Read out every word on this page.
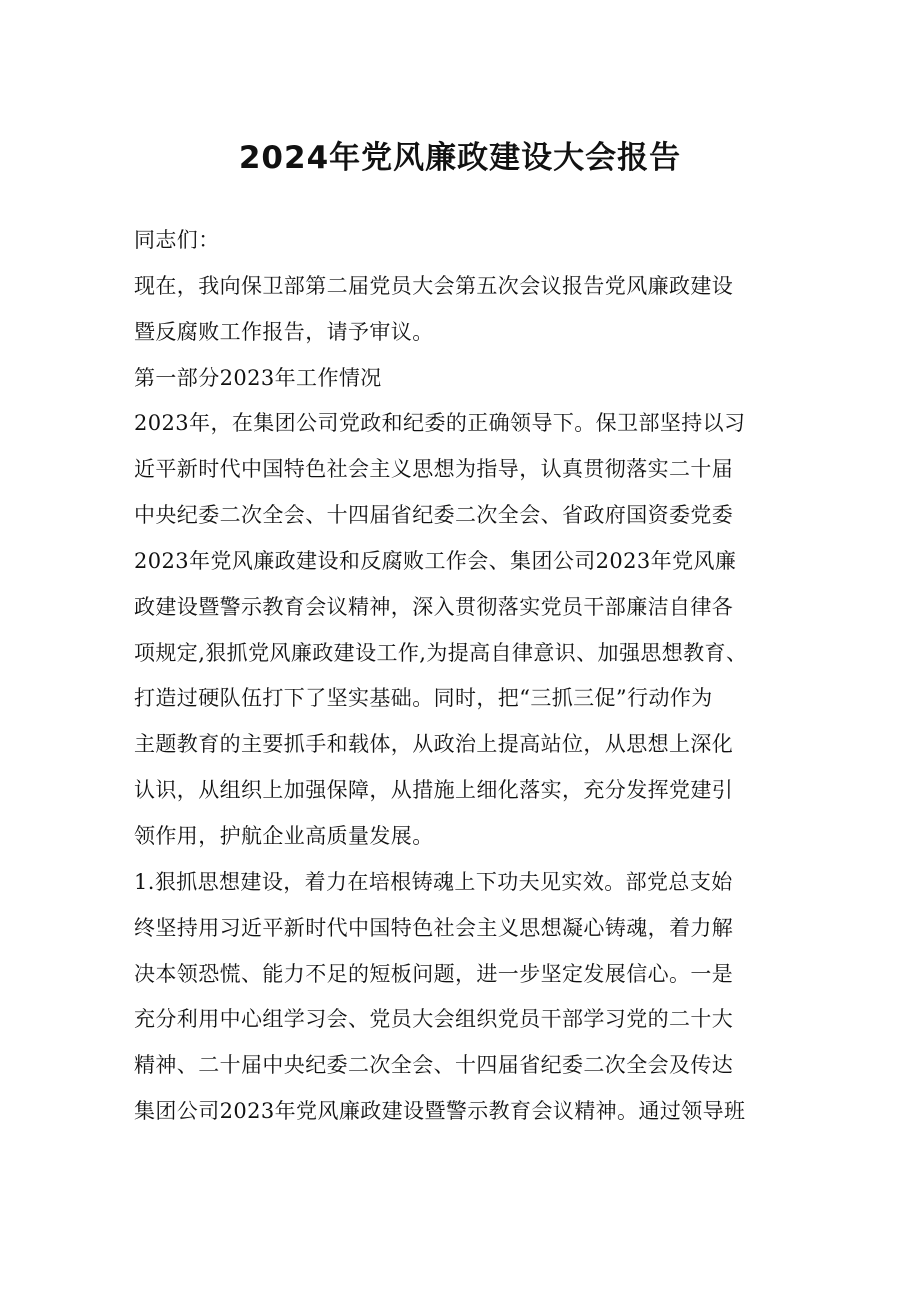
2024年党风廉政建设大会报告
同志们：
现在，我向保卫部第二届党员大会第五次会议报告党风廉政建设
暨反腐败工作报告，请予审议。
第一部分2023年工作情况
2023年，在集团公司党政和纪委的正确领导下。保卫部坚持以习
近平新时代中国特色社会主义思想为指导，认真贯彻落实二十届
中央纪委二次全会、十四届省纪委二次全会、省政府国资委党委
2023年党风廉政建设和反腐败工作会、集团公司2023年党风廉
政建设暨警示教育会议精神，深入贯彻落实党员干部廉洁自律各
项规定,狠抓党风廉政建设工作,为提高自律意识、加强思想教育、
打造过硬队伍打下了坚实基础。同时，把“三抓三促”行动作为
主题教育的主要抓手和载体，从政治上提高站位，从思想上深化
认识，从组织上加强保障，从措施上细化落实，充分发挥党建引
领作用，护航企业高质量发展。
1.狠抓思想建设，着力在培根铸魂上下功夫见实效。部党总支始
终坚持用习近平新时代中国特色社会主义思想凝心铸魂，着力解
决本领恐慌、能力不足的短板问题，进一步坚定发展信心。一是
充分利用中心组学习会、党员大会组织党员干部学习党的二十大
精神、二十届中央纪委二次全会、十四届省纪委二次全会及传达
集团公司2023年党风廉政建设暨警示教育会议精神。通过领导班
